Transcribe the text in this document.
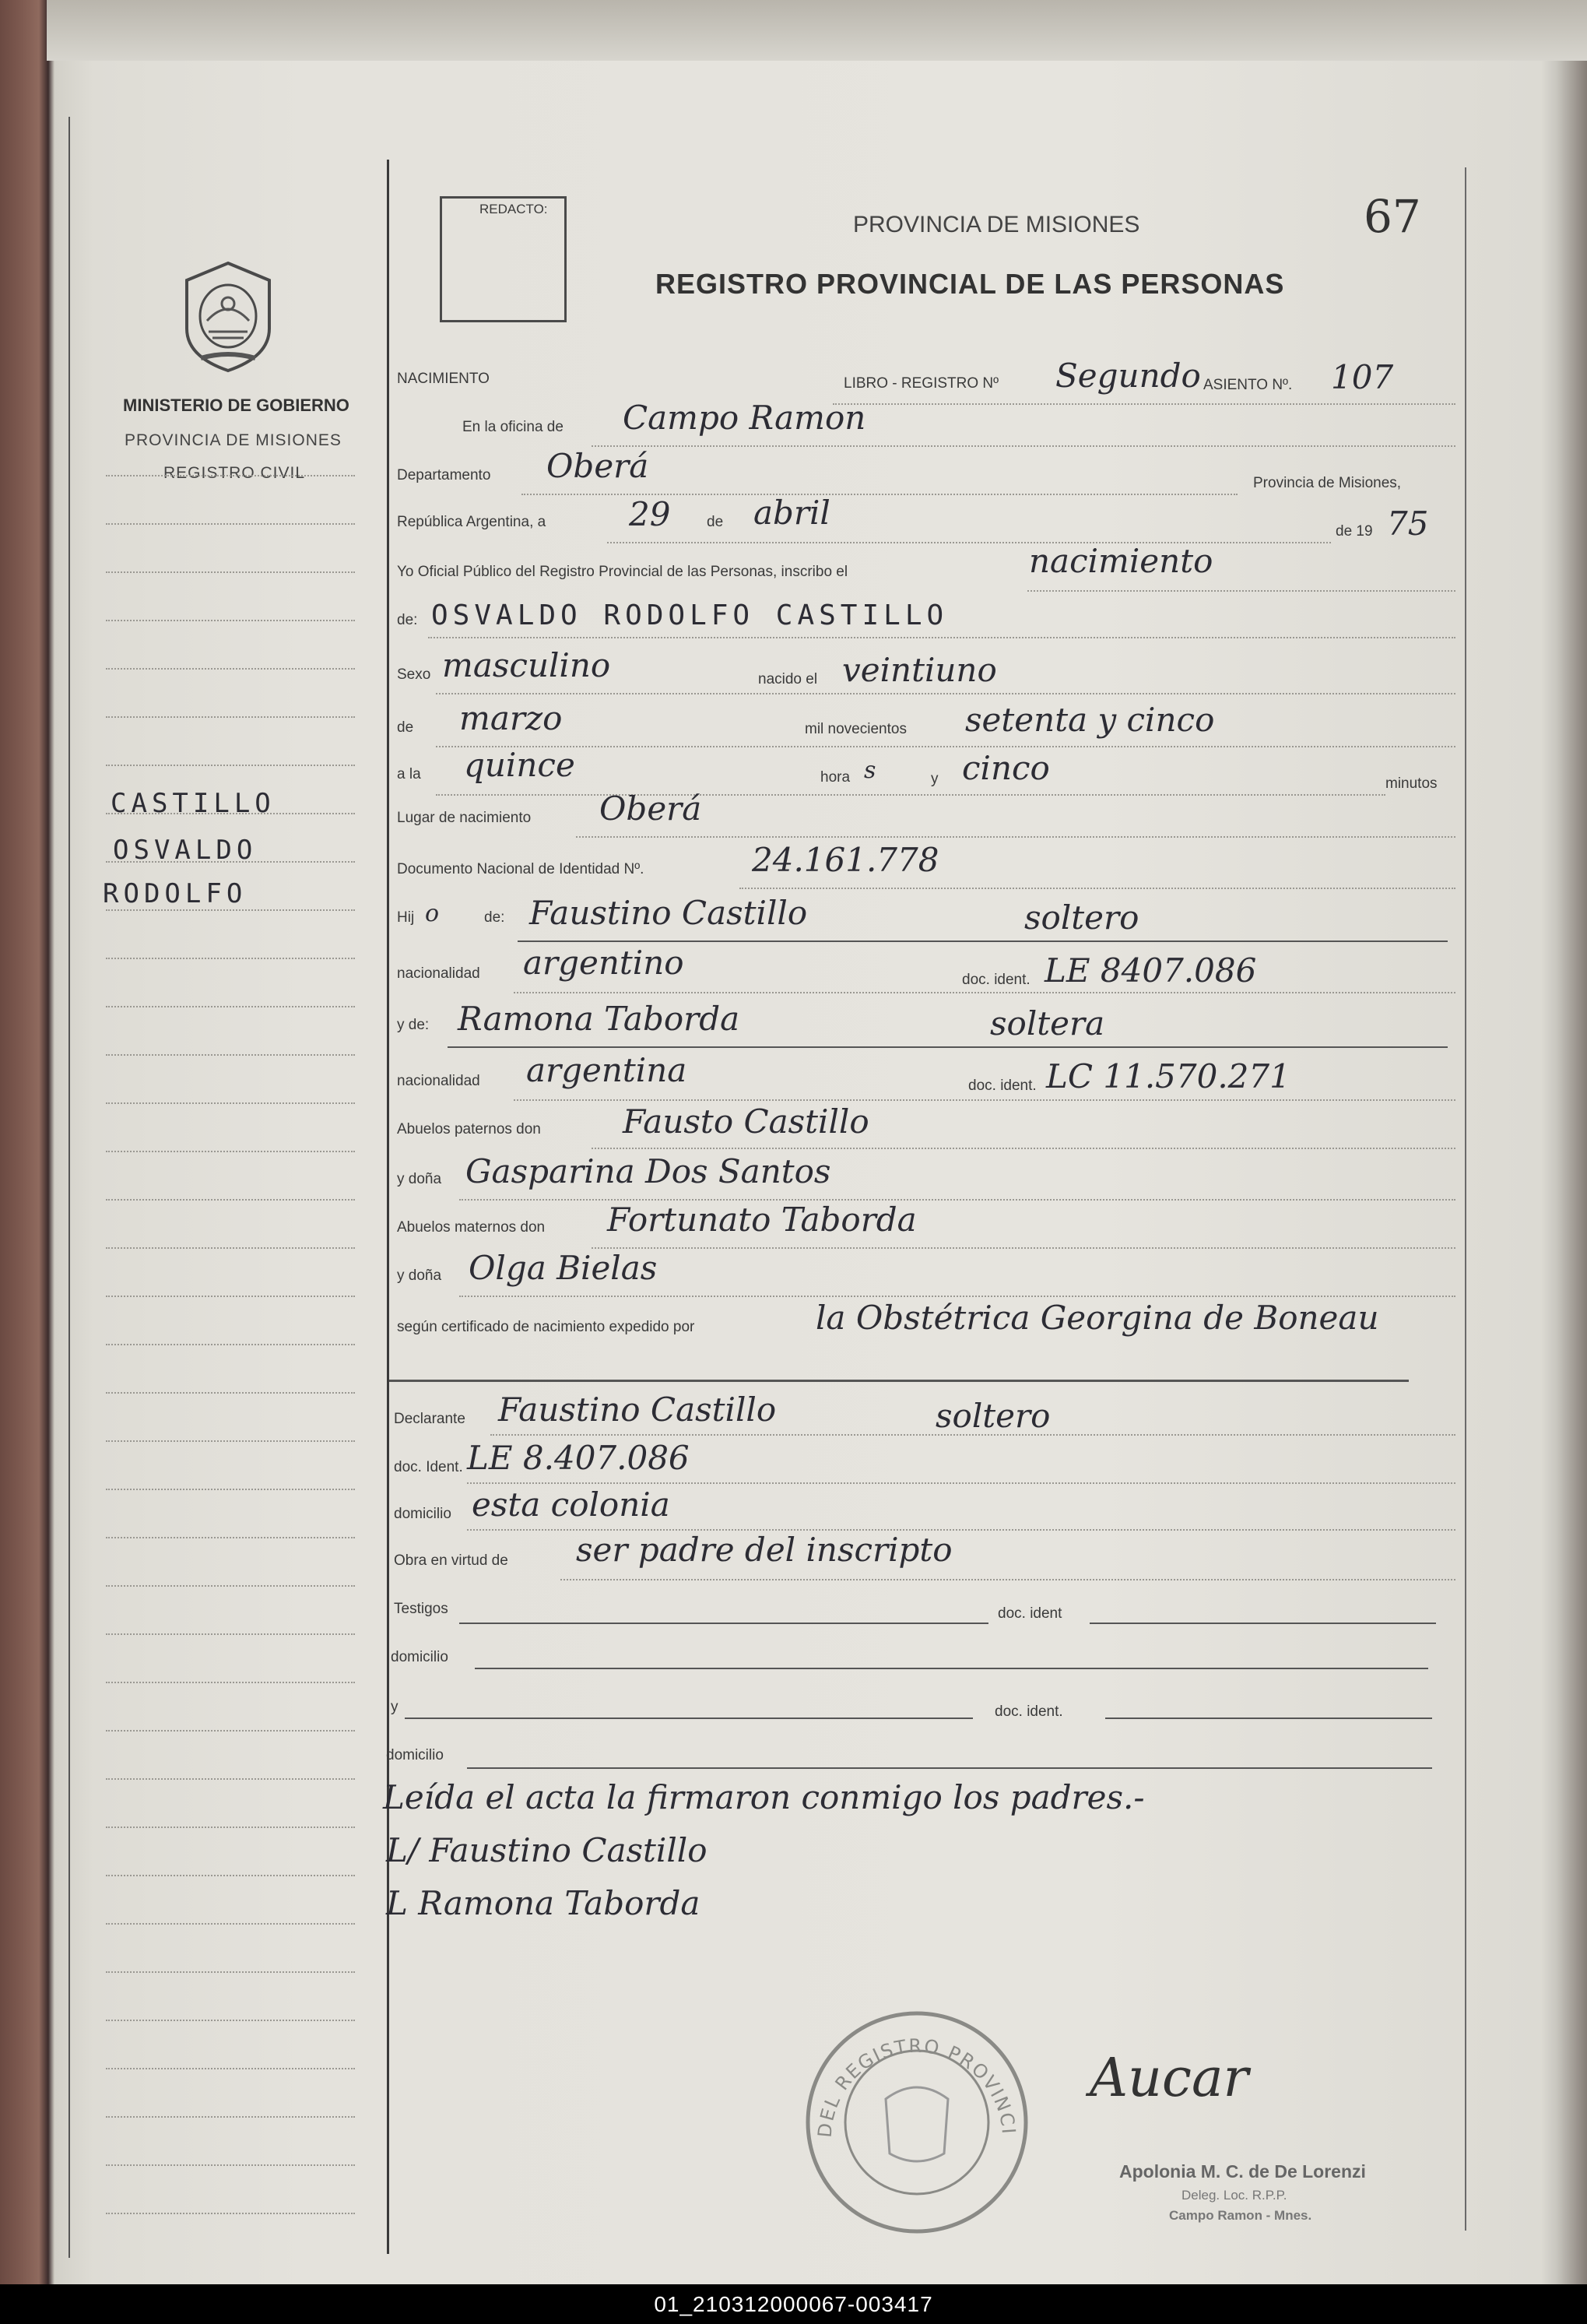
MINISTERIO DE GOBIERNO
PROVINCIA DE MISIONES
REGISTRO CIVIL
CASTILLO
OSVALDO
RODOLFO
REDACTO:
PROVINCIA DE MISIONES	67
REGISTRO PROVINCIAL DE LAS PERSONAS
NACIMIENTO	LIBRO - REGISTRO Nº Segundo ASIENTO Nº. 107
En la oficina de Campo Ramon
Departamento Oberá	Provincia de Misiones,
República Argentina, a	29 de abril	de 19 75
Yo Oficial Público del Registro Provincial de las Personas, inscribo el	nacimiento
de: OSVALDO RODOLFO CASTILLO
Sexo masculino	nacido el veintiuno
de marzo	mil novecientos setenta y cinco
a la quince	hora s	y cinco	minutos
Lugar de nacimiento Oberá
Documento Nacional de Identidad Nº.	24.161.778
Hij o	de: Faustino Castillo	soltero
nacionalidad argentino	doc. ident. LE 8407.086
y de: Ramona Taborda	soltera
nacionalidad argentina	doc. ident. LC 11.570.271
Abuelos paternos don	Fausto Castillo
y doña Gasparina Dos Santos
Abuelos maternos don Fortunato Taborda
y doña Olga Bielas
según certificado de nacimiento expedido por	la Obstétrica Georgina de Boneau
Declarante Faustino Castillo	soltero
doc. Ident. LE 8.407.086
domicilio esta colonia
Obra en virtud de ser padre del inscripto
Testigos	doc. ident
domicilio
y	doc. ident.
domicilio
Leída el acta la firmaron conmigo los padres.-
L/ Faustino Castillo
L Ramona Taborda
DEL REGISTRO PROVINCI
Aucar
Apolonia M. C. de De Lorenzi
Deleg. Loc. R.P.P.
Campo Ramon - Mnes.
01_210312000067-003417
